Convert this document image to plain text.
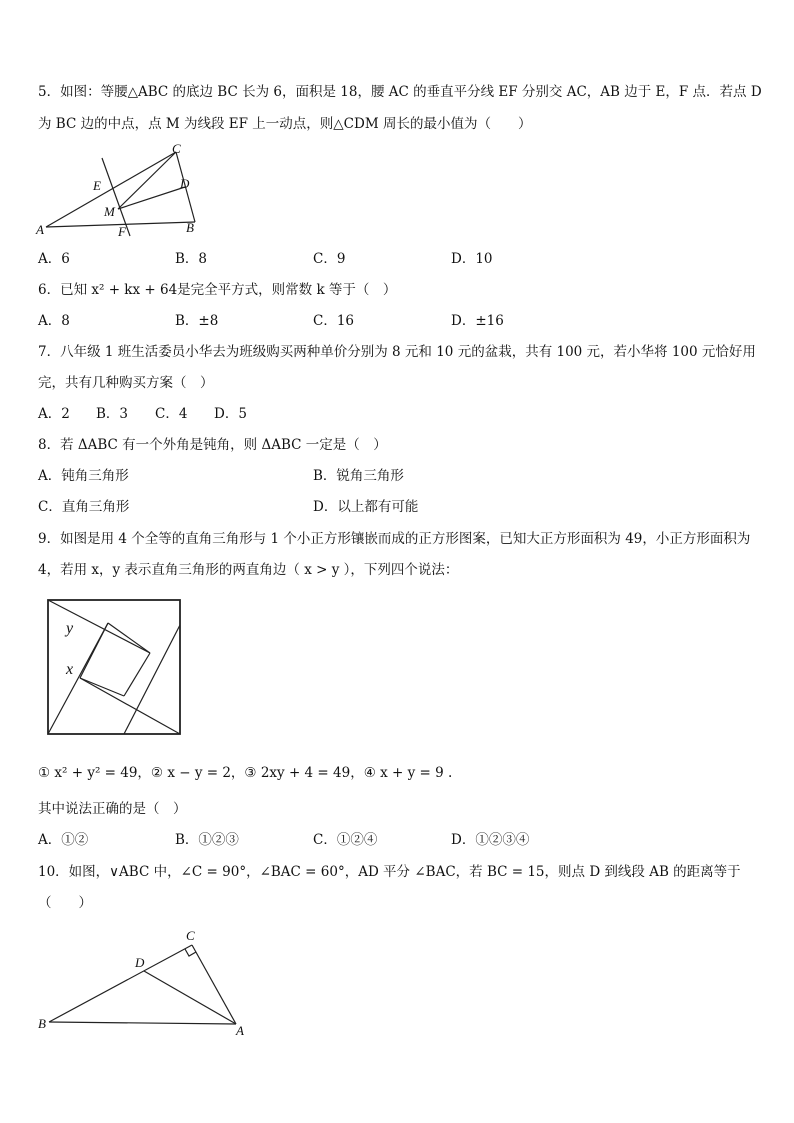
5．如图：等腰△ABC 的底边 BC 长为 6，面积是 18，腰 AC 的垂直平分线 EF 分别交 AC，AB 边于 E，F 点．若点 D
为 BC 边的中点，点 M 为线段 EF 上一动点，则△CDM 周长的最小值为（　　）
C
E	D
M
A	F	B
A．6	B．8	C．9	D．10
6．已知 x² + kx + 64是完全平方式，则常数 k 等于（　）
A．8	B．±8	C．16	D．±16
7．八年级 1 班生活委员小华去为班级购买两种单价分别为 8 元和 10 元的盆栽，共有 100 元，若小华将 100 元恰好用
完，共有几种购买方案（　）
A．2 B．3 C．4 D．5
8．若 ΔABC 有一个外角是钝角，则 ΔABC 一定是（　）
A．钝角三角形	B．锐角三角形
C．直角三角形	D．以上都有可能
9．如图是用 4 个全等的直角三角形与 1 个小正方形镶嵌而成的正方形图案，已知大正方形面积为 49，小正方形面积为
4，若用 x，y 表示直角三角形的两直角边（ x > y ），下列四个说法：
y
x
① x² + y² = 49，② x − y = 2，③ 2xy + 4 = 49，④ x + y = 9 .
其中说法正确的是（　）
A．①②	B．①②③	C．①②④	D．①②③④
10．如图，∨ABC 中，∠C = 90°，∠BAC = 60°，AD 平分 ∠BAC，若 BC = 15，则点 D 到线段 AB 的距离等于
（　　）
C
D
B	A
